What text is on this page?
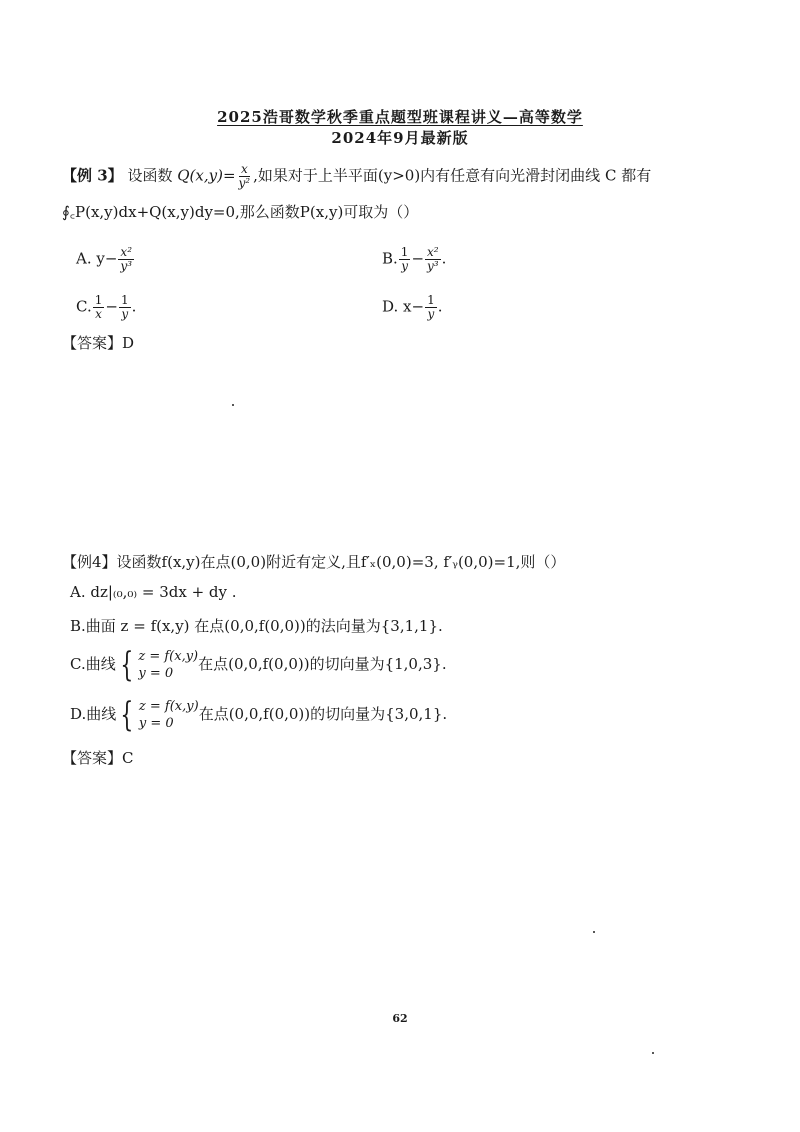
2025浩哥数学秋季重点题型班课程讲义—高等数学
2024年9月最新版
【例 3】 设函数 $Q(x,y)= \frac{x}{\text{y²}}$ ,如果对于上半平面(y>0)内有任意有向光滑封闭曲线 C 都有
∮꜀P(x,y)dx+Q(x,y)dy=0,那么函数P(x,y)可取为（）
A. $y- \frac{\text{x²}}{\text{y³}}$	B. $\frac{1}{y} - \frac{\text{x²}}{\text{y³}}$ .
C. $\frac{1}{x} - \frac{1}{y}$ .	D. $x- \frac{1}{y}$ .
【答案】D
【例4】设函数f(x,y)在点(0,0)附近有定义,且f′ₓ(0,0)=3, f′ᵧ(0,0)=1,则（）
A. dz|₍₀,₀₎ = 3dx + dy .
B.曲面 z = f(x,y) 在点(0,0,f(0,0))的法向量为{3,1,1}.
C.曲线 { z = f(x,y)
y = 0
在点(0,0,f(0,0))的切向量为{1,0,3}.
D.曲线 { z = f(x,y)
y = 0
在点(0,0,f(0,0))的切向量为{3,0,1}.
【答案】C
62
